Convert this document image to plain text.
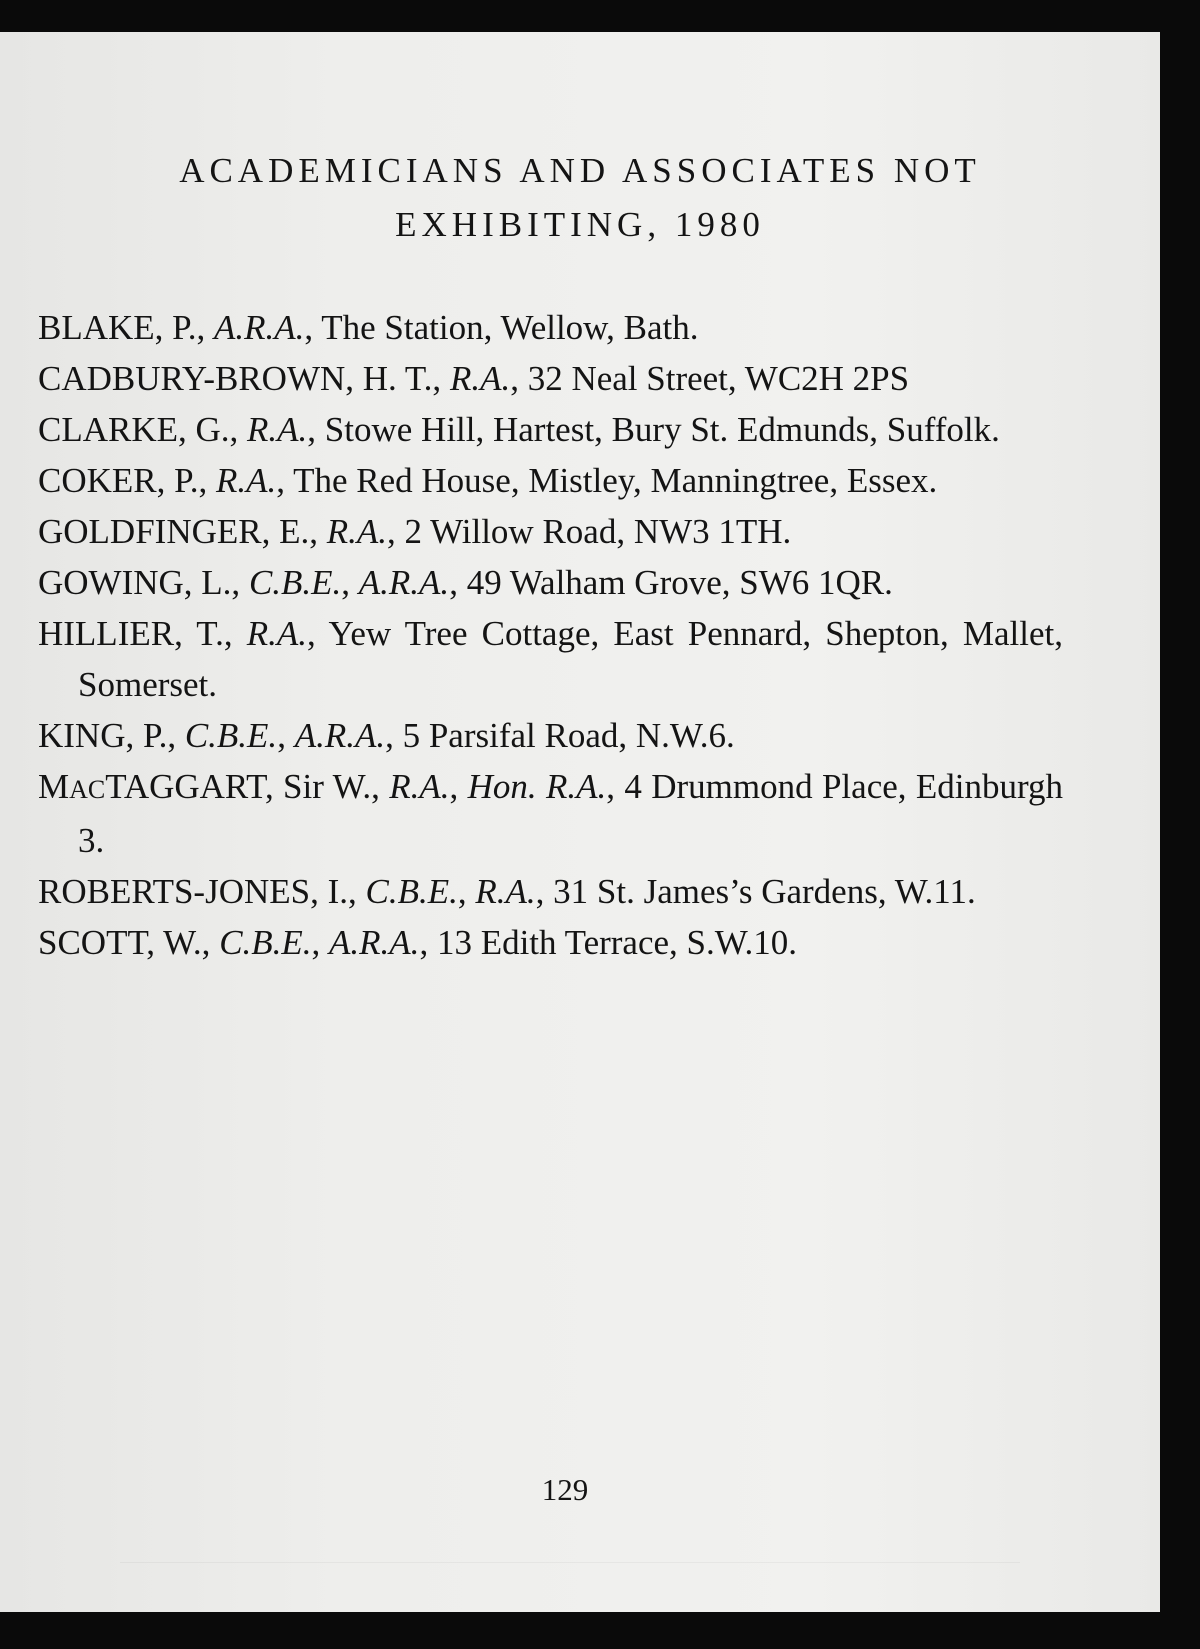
ACADEMICIANS AND ASSOCIATES NOT
EXHIBITING, 1980
BLAKE, P., A.R.A., The Station, Wellow, Bath.
CADBURY-BROWN, H. T., R.A., 32 Neal Street, WC2H 2PS
CLARKE, G., R.A., Stowe Hill, Hartest, Bury St. Edmunds, Suffolk.
COKER, P., R.A., The Red House, Mistley, Manningtree, Essex.
GOLDFINGER, E., R.A., 2 Willow Road, NW3 1TH.
GOWING, L., C.B.E., A.R.A., 49 Walham Grove, SW6 1QR.
HILLIER, T., R.A., Yew Tree Cottage, East Pennard, Shepton, Mallet, Somerset.
KING, P., C.B.E., A.R.A., 5 Parsifal Road, N.W.6.
MACTAGGART, Sir W., R.A., Hon. R.A., 4 Drummond Place, Edinburgh 3.
ROBERTS-JONES, I., C.B.E., R.A., 31 St. James’s Gardens, W.11.
SCOTT, W., C.B.E., A.R.A., 13 Edith Terrace, S.W.10.
129
